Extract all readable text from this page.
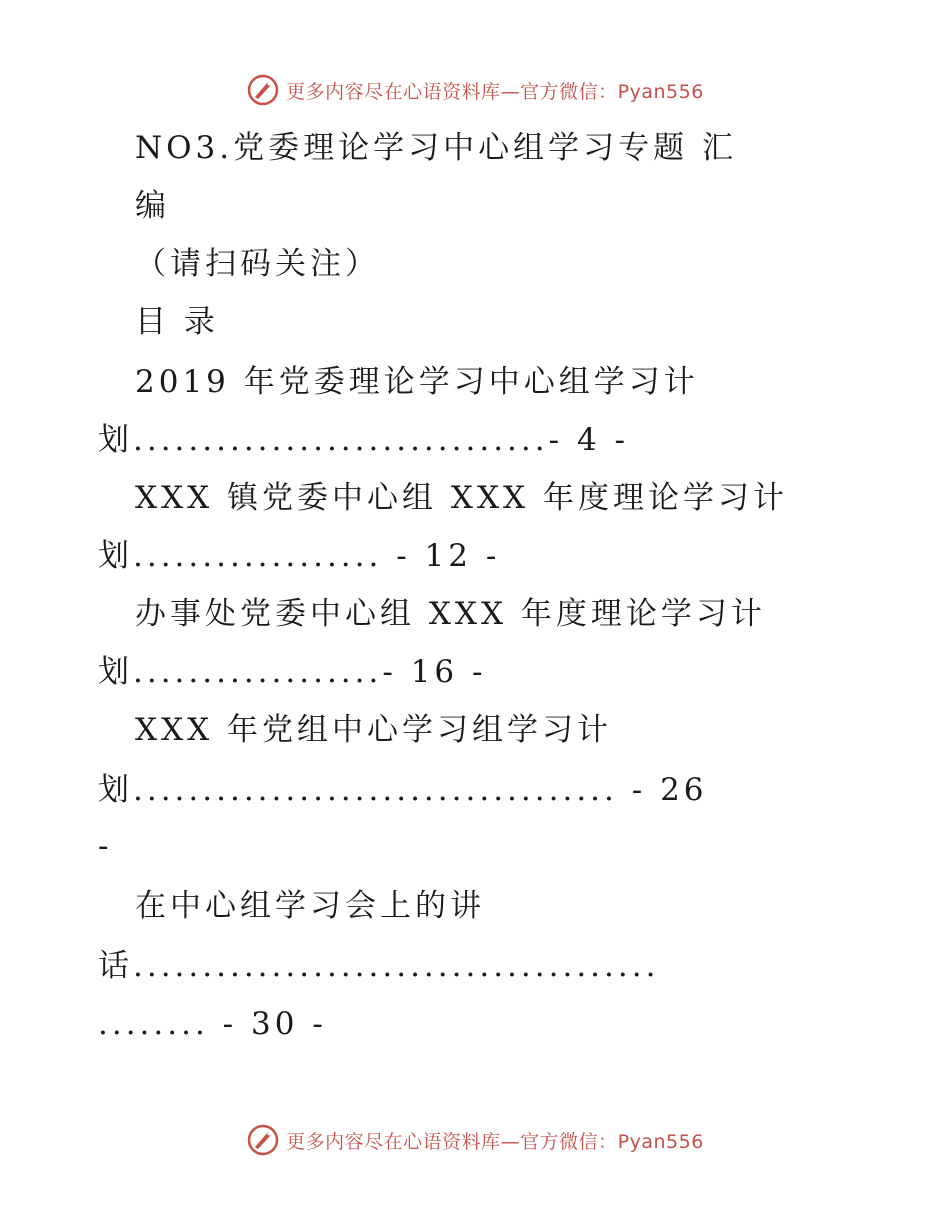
更多内容尽在心语资料库—官方微信：Pyan556
NO3.党委理论学习中心组学习专题 汇
编
（请扫码关注）
目 录
2019 年党委理论学习中心组学习计
划..............................- 4 -
XXX 镇党委中心组 XXX 年度理论学习计
划.................. - 12 -
办事处党委中心组 XXX 年度理论学习计
划..................- 16 -
XXX 年党组中心学习组学习计
划................................... - 26
-
在中心组学习会上的讲
话......................................
........ - 30 -
更多内容尽在心语资料库—官方微信：Pyan556
